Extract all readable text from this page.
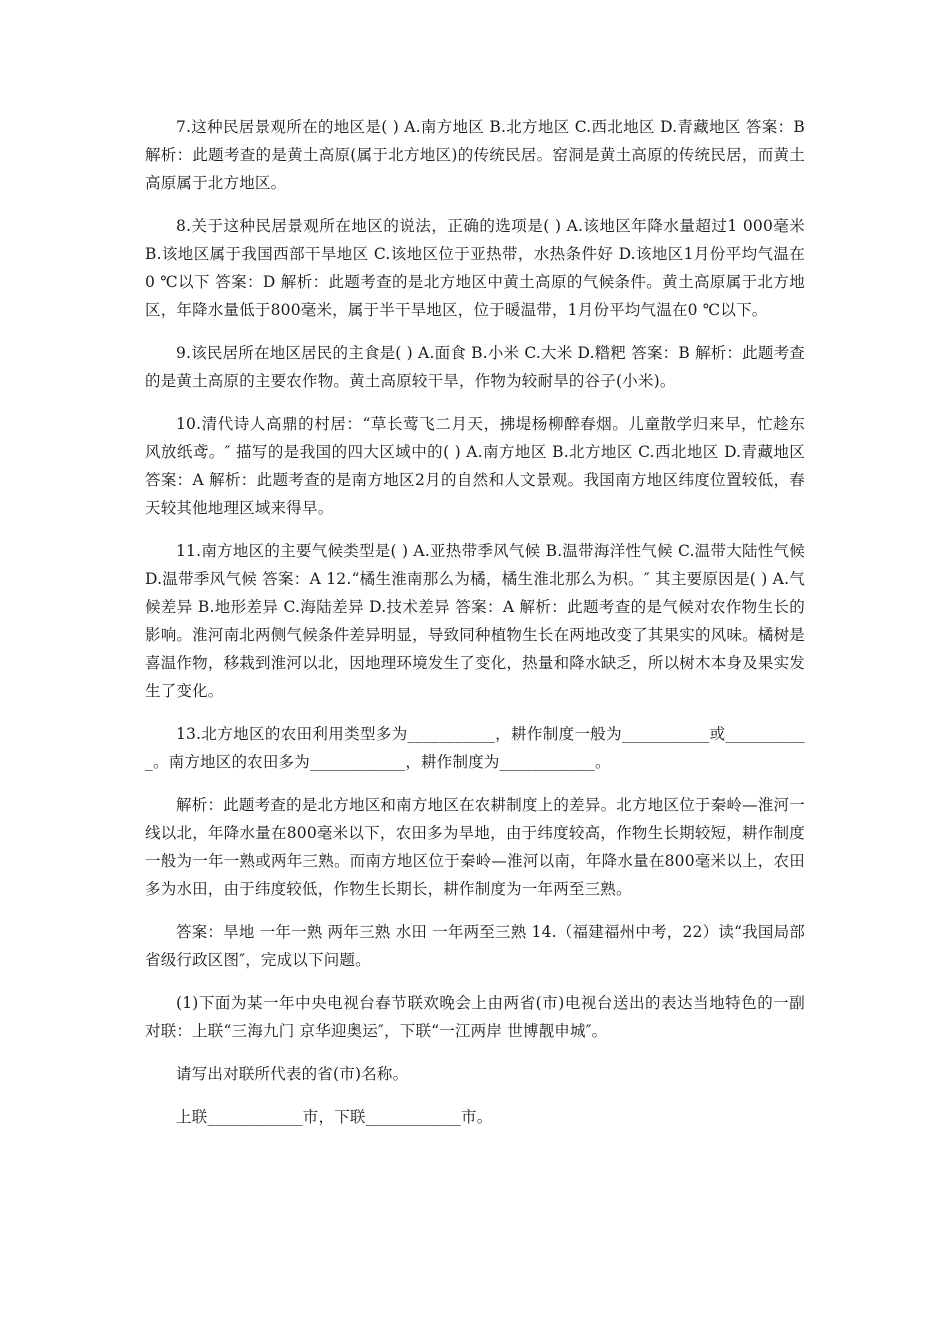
7.这种民居景观所在的地区是( ) A.南方地区 B.北方地区 C.西北地区 D.青藏地区 答案：B 解析：此题考查的是黄土高原(属于北方地区)的传统民居。窑洞是黄土高原的传统民居，而黄土高原属于北方地区。

8.关于这种民居景观所在地区的说法，正确的选项是( ) A.该地区年降水量超过1 000毫米 B.该地区属于我国西部干旱地区 C.该地区位于亚热带，水热条件好 D.该地区1月份平均气温在0 ℃以下 答案：D 解析：此题考查的是北方地区中黄土高原的气候条件。黄土高原属于北方地区，年降水量低于800毫米，属于半干旱地区，位于暖温带，1月份平均气温在0 ℃以下。

9.该民居所在地区居民的主食是( ) A.面食 B.小米 C.大米 D.糌粑 答案：B 解析：此题考查的是黄土高原的主要农作物。黄土高原较干旱，作物为较耐旱的谷子(小米)。

10.清代诗人高鼎的村居：“草长莺飞二月天，拂堤杨柳醉春烟。儿童散学归来早，忙趁东风放纸鸢。″ 描写的是我国的四大区域中的( ) A.南方地区 B.北方地区 C.西北地区 D.青藏地区 答案：A 解析：此题考查的是南方地区2月的自然和人文景观。我国南方地区纬度位置较低，春天较其他地理区域来得早。

11.南方地区的主要气候类型是( ) A.亚热带季风气候 B.温带海洋性气候 C.温带大陆性气候 D.温带季风气候 答案：A 12.“橘生淮南那么为橘，橘生淮北那么为枳。″ 其主要原因是( ) A.气候差异 B.地形差异 C.海陆差异 D.技术差异 答案：A 解析：此题考查的是气候对农作物生长的影响。淮河南北两侧气候条件差异明显，导致同种植物生长在两地改变了其果实的风味。橘树是喜温作物，移栽到淮河以北，因地理环境发生了变化，热量和降水缺乏，所以树木本身及果实发生了变化。

13.北方地区的农田利用类型多为___________，耕作制度一般为___________或___________。南方地区的农田多为____________，耕作制度为____________。

解析：此题考查的是北方地区和南方地区在农耕制度上的差异。北方地区位于秦岭—淮河一线以北，年降水量在800毫米以下，农田多为旱地，由于纬度较高，作物生长期较短，耕作制度一般为一年一熟或两年三熟。而南方地区位于秦岭—淮河以南，年降水量在800毫米以上，农田多为水田，由于纬度较低，作物生长期长，耕作制度为一年两至三熟。

答案：旱地 一年一熟 两年三熟 水田 一年两至三熟 14.（福建福州中考，22）读“我国局部省级行政区图″，完成以下问题。

(1)下面为某一年中央电视台春节联欢晚会上由两省(市)电视台送出的表达当地特色的一副对联：上联“三海九门 京华迎奥运″，下联“一江两岸 世博靓申城″。

请写出对联所代表的省(市)名称。

上联____________市，下联____________市。
